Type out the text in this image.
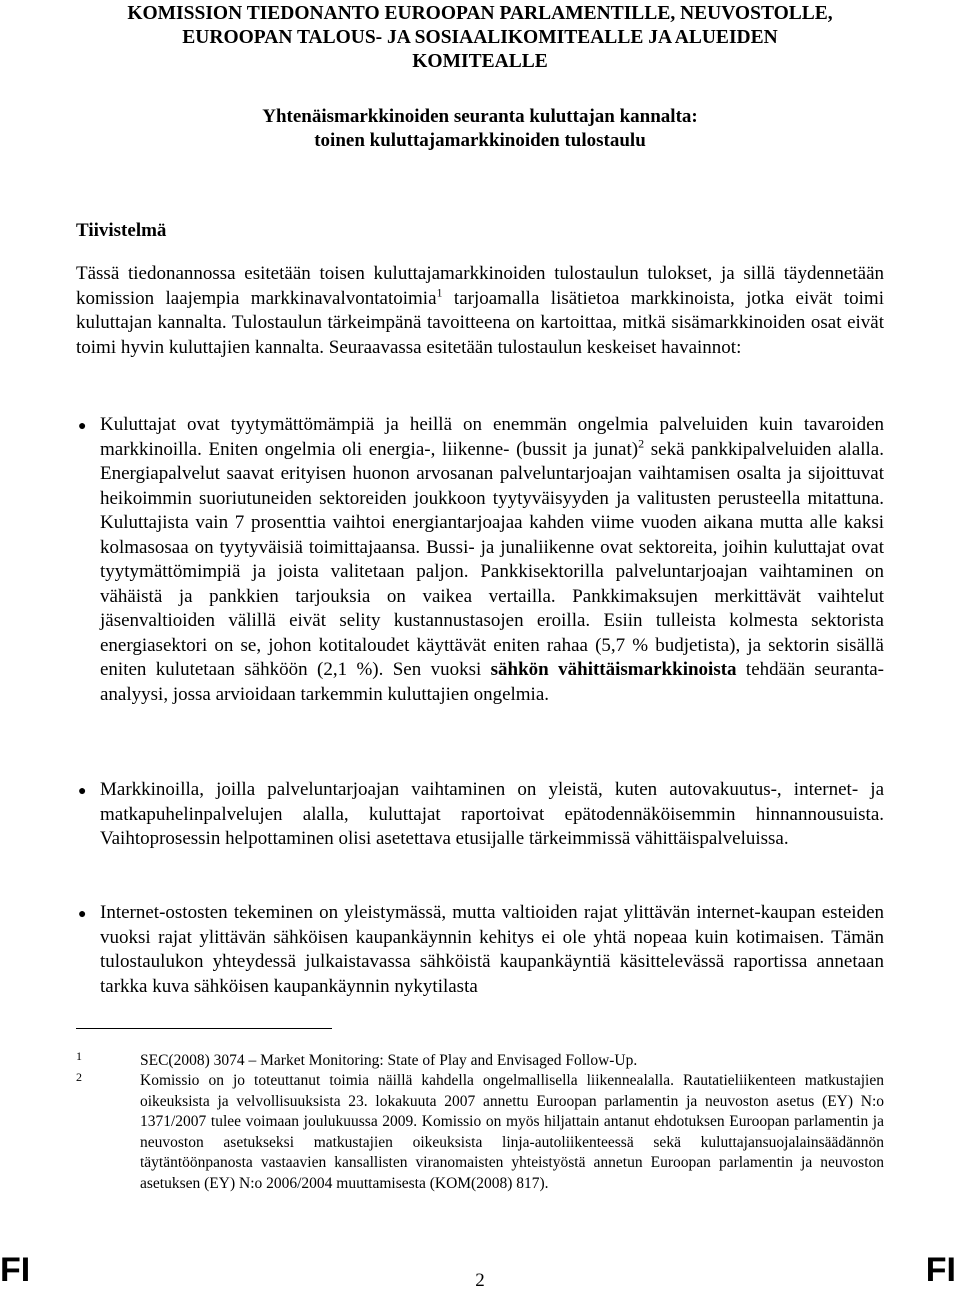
KOMISSION TIEDONANTO EUROOPAN PARLAMENTILLE, NEUVOSTOLLE,
EUROOPAN TALOUS- JA SOSIAALIKOMITEALLE JA ALUEIDEN
KOMITEALLE
Yhtenäismarkkinoiden seuranta kuluttajan kannalta:
toinen kuluttajamarkkinoiden tulostaulu
Tiivistelmä
Tässä tiedonannossa esitetään toisen kuluttajamarkkinoiden tulostaulun tulokset, ja sillä täydennetään komission laajempia markkinavalvontatoimia$^1$ tarjoamalla lisätietoa markkinoista, jotka eivät toimi kuluttajan kannalta. Tulostaulun tärkeimpänä tavoitteena on kartoittaa, mitkä sisämarkkinoiden osat eivät toimi hyvin kuluttajien kannalta. Seuraavassa esitetään tulostaulun keskeiset havainnot:
● Kuluttajat ovat tyytymättömämpiä ja heillä on enemmän ongelmia palveluiden kuin tavaroiden markkinoilla. Eniten ongelmia oli energia-, liikenne- (bussit ja junat)$^2$ sekä pankkipalveluiden alalla. Energiapalvelut saavat erityisen huonon arvosanan palveluntarjoajan vaihtamisen osalta ja sijoittuvat heikoimmin suoriutuneiden sektoreiden joukkoon tyytyväisyyden ja valitusten perusteella mitattuna. Kuluttajista vain 7 prosenttia vaihtoi energiantarjoajaa kahden viime vuoden aikana mutta alle kaksi kolmasosaa on tyytyväisiä toimittajaansa. Bussi- ja junaliikenne ovat sektoreita, joihin kuluttajat ovat tyytymättömimpiä ja joista valitetaan paljon. Pankkisektorilla palveluntarjoajan vaihtaminen on vähäistä ja pankkien tarjouksia on vaikea vertailla. Pankkimaksujen merkittävät vaihtelut jäsenvaltioiden välillä eivät selity kustannustasojen eroilla. Esiin tulleista kolmesta sektorista energiasektori on se, johon kotitaloudet käyttävät eniten rahaa (5,7 % budjetista), ja sektorin sisällä eniten kulutetaan sähköön (2,1 %). Sen vuoksi sähkön vähittäismarkkinoista tehdään seuranta-analyysi, jossa arvioidaan tarkemmin kuluttajien ongelmia.
● Markkinoilla, joilla palveluntarjoajan vaihtaminen on yleistä, kuten autovakuutus-, internet- ja matkapuhelinpalvelujen alalla, kuluttajat raportoivat epätodennäköisemmin hinnannousuista. Vaihtoprosessin helpottaminen olisi asetettava etusijalle tärkeimmissä vähittäispalveluissa.
● Internet-ostosten tekeminen on yleistymässä, mutta valtioiden rajat ylittävän internet-kaupan esteiden vuoksi rajat ylittävän sähköisen kaupankäynnin kehitys ei ole yhtä nopeaa kuin kotimaisen. Tämän tulostaulukon yhteydessä julkaistavassa sähköistä kaupankäyntiä käsittelevässä raportissa annetaan tarkka kuva sähköisen kaupankäynnin nykytilasta
1	SEC(2008) 3074 – Market Monitoring: State of Play and Envisaged Follow-Up.
2	Komissio on jo toteuttanut toimia näillä kahdella ongelmallisella liikennealalla. Rautatieliikenteen matkustajien oikeuksista ja velvollisuuksista 23. lokakuuta 2007 annettu Euroopan parlamentin ja neuvoston asetus (EY) N:o 1371/2007 tulee voimaan joulukuussa 2009. Komissio on myös hiljattain antanut ehdotuksen Euroopan parlamentin ja neuvoston asetukseksi matkustajien oikeuksista linja-autoliikenteessä sekä kuluttajansuojalainsäädännön täytäntöönpanosta vastaavien kansallisten viranomaisten yhteistyöstä annetun Euroopan parlamentin ja neuvoston asetuksen (EY) N:o 2006/2004 muuttamisesta (KOM(2008) 817).
FI	2	FI
